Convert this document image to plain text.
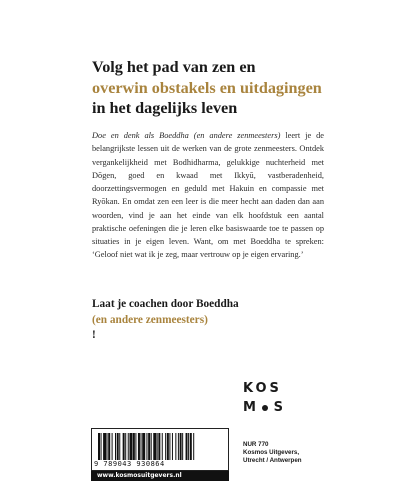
Volg het pad van zen en
overwin obstakels en uitdagingen
in het dagelijks leven

Doe en denk als Boeddha (en andere zenmeesters) leert je de belangrijkste lessen uit de werken van de grote zenmeesters. Ontdek vergankelijkheid met Bodhidharma, gelukkige nuchterheid met Dōgen, goed en kwaad met Ikkyū, vastberadenheid, doorzettingsvermogen en geduld met Hakuin en compassie met Ryōkan. En omdat zen een leer is die meer hecht aan daden dan aan woorden, vind je aan het einde van elk hoofdstuk een aantal praktische oefeningen die je leren elke basiswaarde toe te passen op situaties in je eigen leven. Want, om met Boeddha te spreken: ‘Geloof niet wat ik je zeg, maar vertrouw op je eigen ervaring.’

Laat je coachen door Boeddha
(en andere zenmeesters)
!
KOS
M S
9 789043 930864
www.kosmosuitgevers.nl
NUR 770
Kosmos Uitgevers,
Utrecht / Antwerpen
